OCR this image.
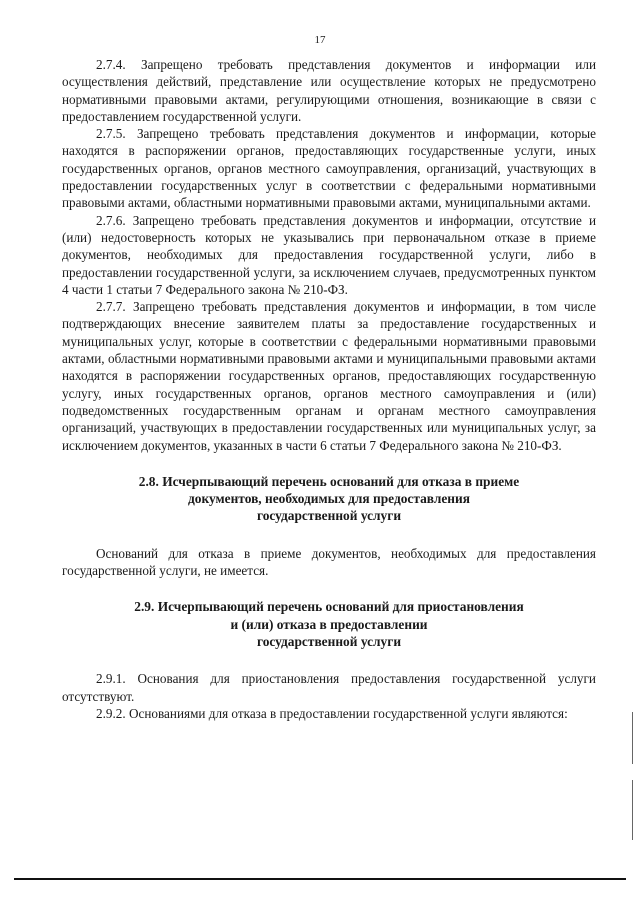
17

2.7.4. Запрещено требовать представления документов и информации или осуществления действий, представление или осуществление которых не предусмотрено нормативными правовыми актами, регулирующими отношения, возникающие в связи с предоставлением государственной услуги.

2.7.5. Запрещено требовать представления документов и информации, которые находятся в распоряжении органов, предоставляющих государственные услуги, иных государственных органов, органов местного самоуправления, организаций, участвующих в предоставлении государственных услуг в соответствии с федеральными нормативными правовыми актами, областными нормативными правовыми актами, муниципальными актами.

2.7.6. Запрещено требовать представления документов и информации, отсутствие и (или) недостоверность которых не указывались при первоначальном отказе в приеме документов, необходимых для предоставления государственной услуги, либо в предоставлении государственной услуги, за исключением случаев, предусмотренных пунктом 4 части 1 статьи 7 Федерального закона № 210-ФЗ.

2.7.7. Запрещено требовать представления документов и информации, в том числе подтверждающих внесение заявителем платы за предоставление государственных и муниципальных услуг, которые в соответствии с федеральными нормативными правовыми актами, областными нормативными правовыми актами и муниципальными правовыми актами находятся в распоряжении государственных органов, предоставляющих государственную услугу, иных государственных органов, органов местного самоуправления и (или) подведомственных государственным органам и органам местного самоуправления организаций, участвующих в предоставлении государственных или муниципальных услуг, за исключением документов, указанных в части 6 статьи 7 Федерального закона № 210-ФЗ.

2.8. Исчерпывающий перечень оснований для отказа в приеме
документов, необходимых для предоставления
государственной услуги

Оснований для отказа в приеме документов, необходимых для предоставления государственной услуги, не имеется.

2.9. Исчерпывающий перечень оснований для приостановления
и (или) отказа в предоставлении
государственной услуги

2.9.1. Основания для приостановления предоставления государственной услуги отсутствуют.

2.9.2. Основаниями для отказа в предоставлении государственной услуги являются:
